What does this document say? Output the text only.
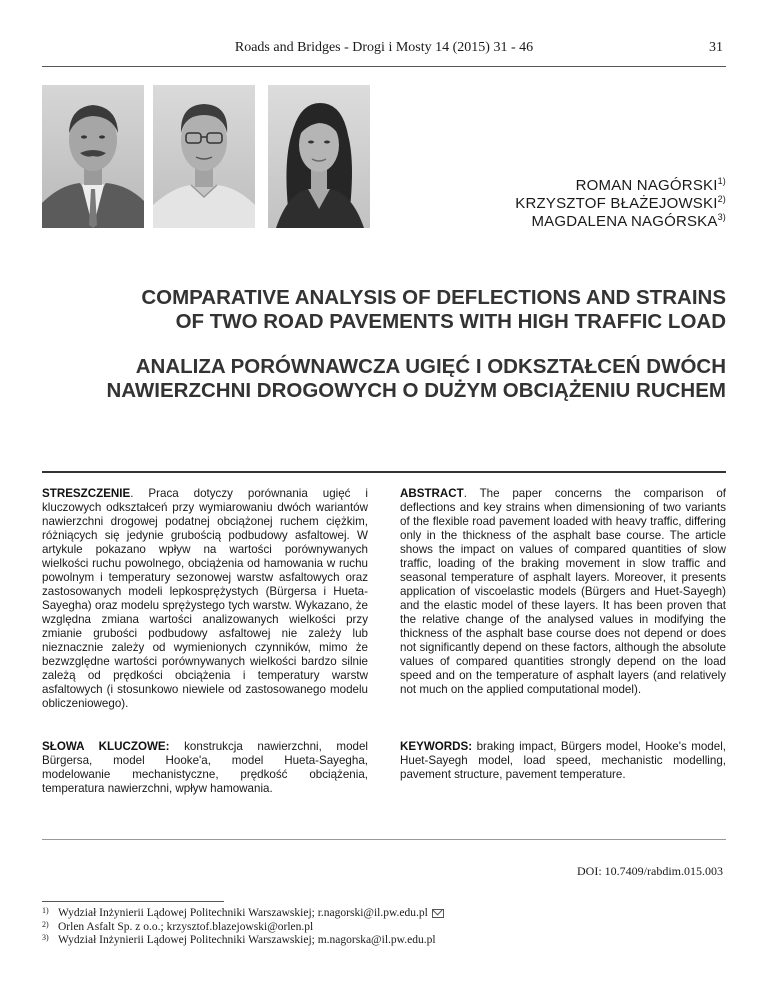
Roads and Bridges - Drogi i Mosty 14 (2015) 31 - 46	31
ROMAN NAGÓRSKI$^{1)}$
KRZYSZTOF BŁAŻEJOWSKI$^{2)}$
MAGDALENA NAGÓRSKA$^{3)}$
COMPARATIVE ANALYSIS OF DEFLECTIONS AND STRAINS
OF TWO ROAD PAVEMENTS WITH HIGH TRAFFIC LOAD
ANALIZA PORÓWNAWCZA UGIĘĆ I ODKSZTAŁCEŃ DWÓCH
NAWIERZCHNI DROGOWYCH O DUŻYM OBCIĄŻENIU RUCHEM
STRESZCZENIE. Praca dotyczy porównania ugięć i kluczowych odkształceń przy wymiarowaniu dwóch wariantów nawierzchni drogowej podatnej obciążonej ruchem ciężkim, różniących się jedynie grubością podbudowy asfaltowej. W artykule pokazano wpływ na wartości porównywanych wielkości ruchu powolnego, obciążenia od hamowania w ruchu powolnym i temperatury sezonowej warstw asfaltowych oraz zastosowanych modeli lepkosprężystych (Bürgersa i Hueta-Sayegha) oraz modelu sprężystego tych warstw. Wykazano, że względna zmiana wartości analizowanych wielkości przy zmianie grubości podbudowy asfaltowej nie zależy lub nieznacznie zależy od wymienionych czynników, mimo że bezwzględne wartości porównywanych wielkości bardzo silnie zależą od prędkości obciążenia i temperatury warstw asfaltowych (i stosunkowo niewiele od zastosowanego modelu obliczeniowego).
ABSTRACT. The paper concerns the comparison of deflections and key strains when dimensioning of two variants of the flexible road pavement loaded with heavy traffic, differing only in the thickness of the asphalt base course. The article shows the impact on values of compared quantities of slow traffic, loading of the braking movement in slow traffic and seasonal temperature of asphalt layers. Moreover, it presents application of viscoelastic models (Bürgers and Huet-Sayegh) and the elastic model of these layers. It has been proven that the relative change of the analysed values in modifying the thickness of the asphalt base course does not depend or does not significantly depend on these factors, although the absolute values of compared quantities strongly depend on the load speed and on the temperature of asphalt layers (and relatively not much on the applied computational model).
SŁOWA KLUCZOWE: konstrukcja nawierzchni, model Bürgersa, model Hooke'a, model Hueta-Sayegha, modelowanie mechanistyczne, prędkość obciążenia, temperatura nawierzchni, wpływ hamowania.
KEYWORDS: braking impact, Bürgers model, Hooke's model, Huet-Sayegh model, load speed, mechanistic modelling, pavement structure, pavement temperature.
DOI: 10.7409/rabdim.015.003
1) Wydział Inżynierii Lądowej Politechniki Warszawskiej; r.nagorski@il.pw.edu.pl
2) Orlen Asfalt Sp. z o.o.; krzysztof.blazejowski@orlen.pl
3) Wydział Inżynierii Lądowej Politechniki Warszawskiej; m.nagorska@il.pw.edu.pl
